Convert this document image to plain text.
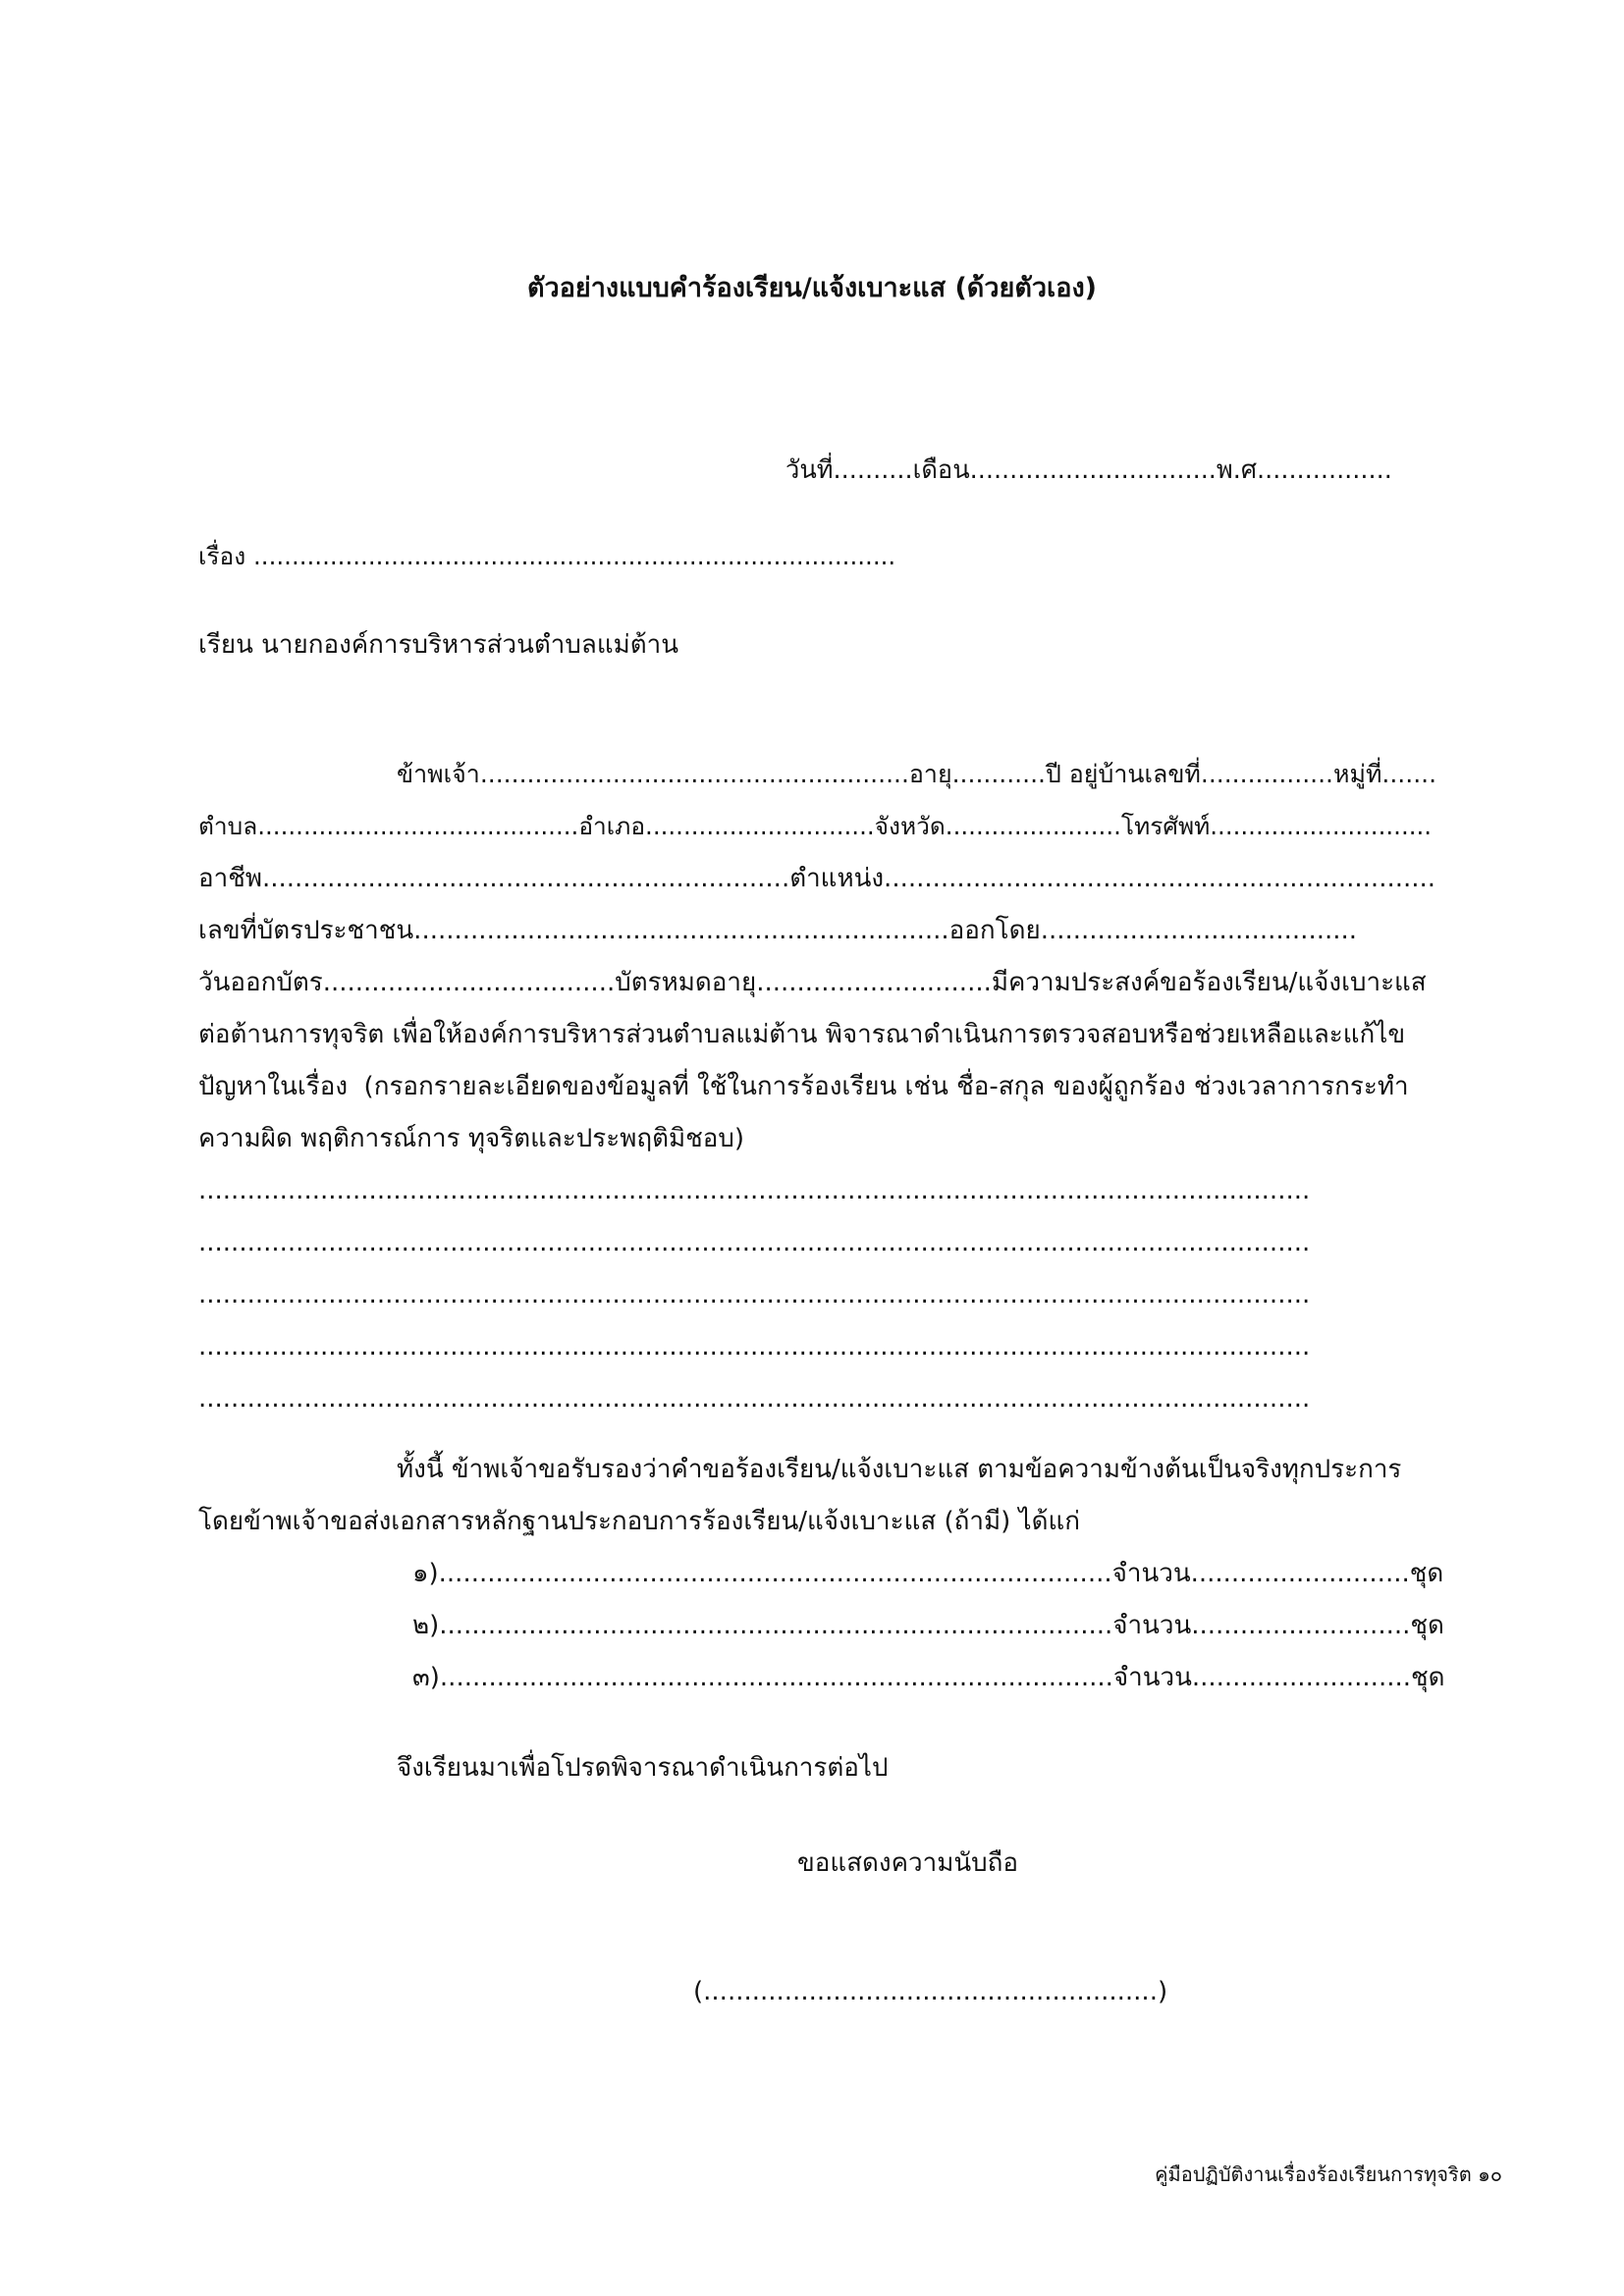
ตัวอย่างแบบคำร้องเรียน/แจ้งเบาะแส (ด้วยตัวเอง)
วันที่..........เดือน...............................พ.ศ.................
เรื่อง ....................................................................................
เรียน นายกองค์การบริหารส่วนตำบลแม่ต้าน
ข้าพเจ้า.......................................................อายุ............ปี อยู่บ้านเลขที่.................หมู่ที่.......
ตำบล..........................................อำเภอ..............................จังหวัด.......................โทรศัพท์.............................
อาชีพ.................................................................ตำแหน่ง....................................................................
เลขที่บัตรประชาชน..................................................................ออกโดย.......................................
วันออกบัตร....................................บัตรหมดอายุ.............................มีความประสงค์ขอร้องเรียน/แจ้งเบาะแส
ต่อต้านการทุจริต เพื่อให้องค์การบริหารส่วนตำบลแม่ต้าน พิจารณาดำเนินการตรวจสอบหรือช่วยเหลือและแก้ไข
ปัญหาในเรื่อง  (กรอกรายละเอียดของข้อมูลที่ ใช้ในการร้องเรียน เช่น ชื่อ-สกุล ของผู้ถูกร้อง ช่วงเวลาการกระทำ
ความผิด พฤติการณ์การ ทุจริตและประพฤติมิชอบ)
.........................................................................................................................................
.........................................................................................................................................
.........................................................................................................................................
.........................................................................................................................................
.........................................................................................................................................
ทั้งนี้ ข้าพเจ้าขอรับรองว่าคำขอร้องเรียน/แจ้งเบาะแส ตามข้อความข้างต้นเป็นจริงทุกประการ
โดยข้าพเจ้าขอส่งเอกสารหลักฐานประกอบการร้องเรียน/แจ้งเบาะแส (ถ้ามี) ได้แก่
๑)...................................................................................จำนวน...........................ชุด
๒)...................................................................................จำนวน...........................ชุด
๓)...................................................................................จำนวน...........................ชุด
จึงเรียนมาเพื่อโปรดพิจารณาดำเนินการต่อไป
ขอแสดงความนับถือ
(........................................................)
คู่มือปฏิบัติงานเรื่องร้องเรียนการทุจริต ๑๐
